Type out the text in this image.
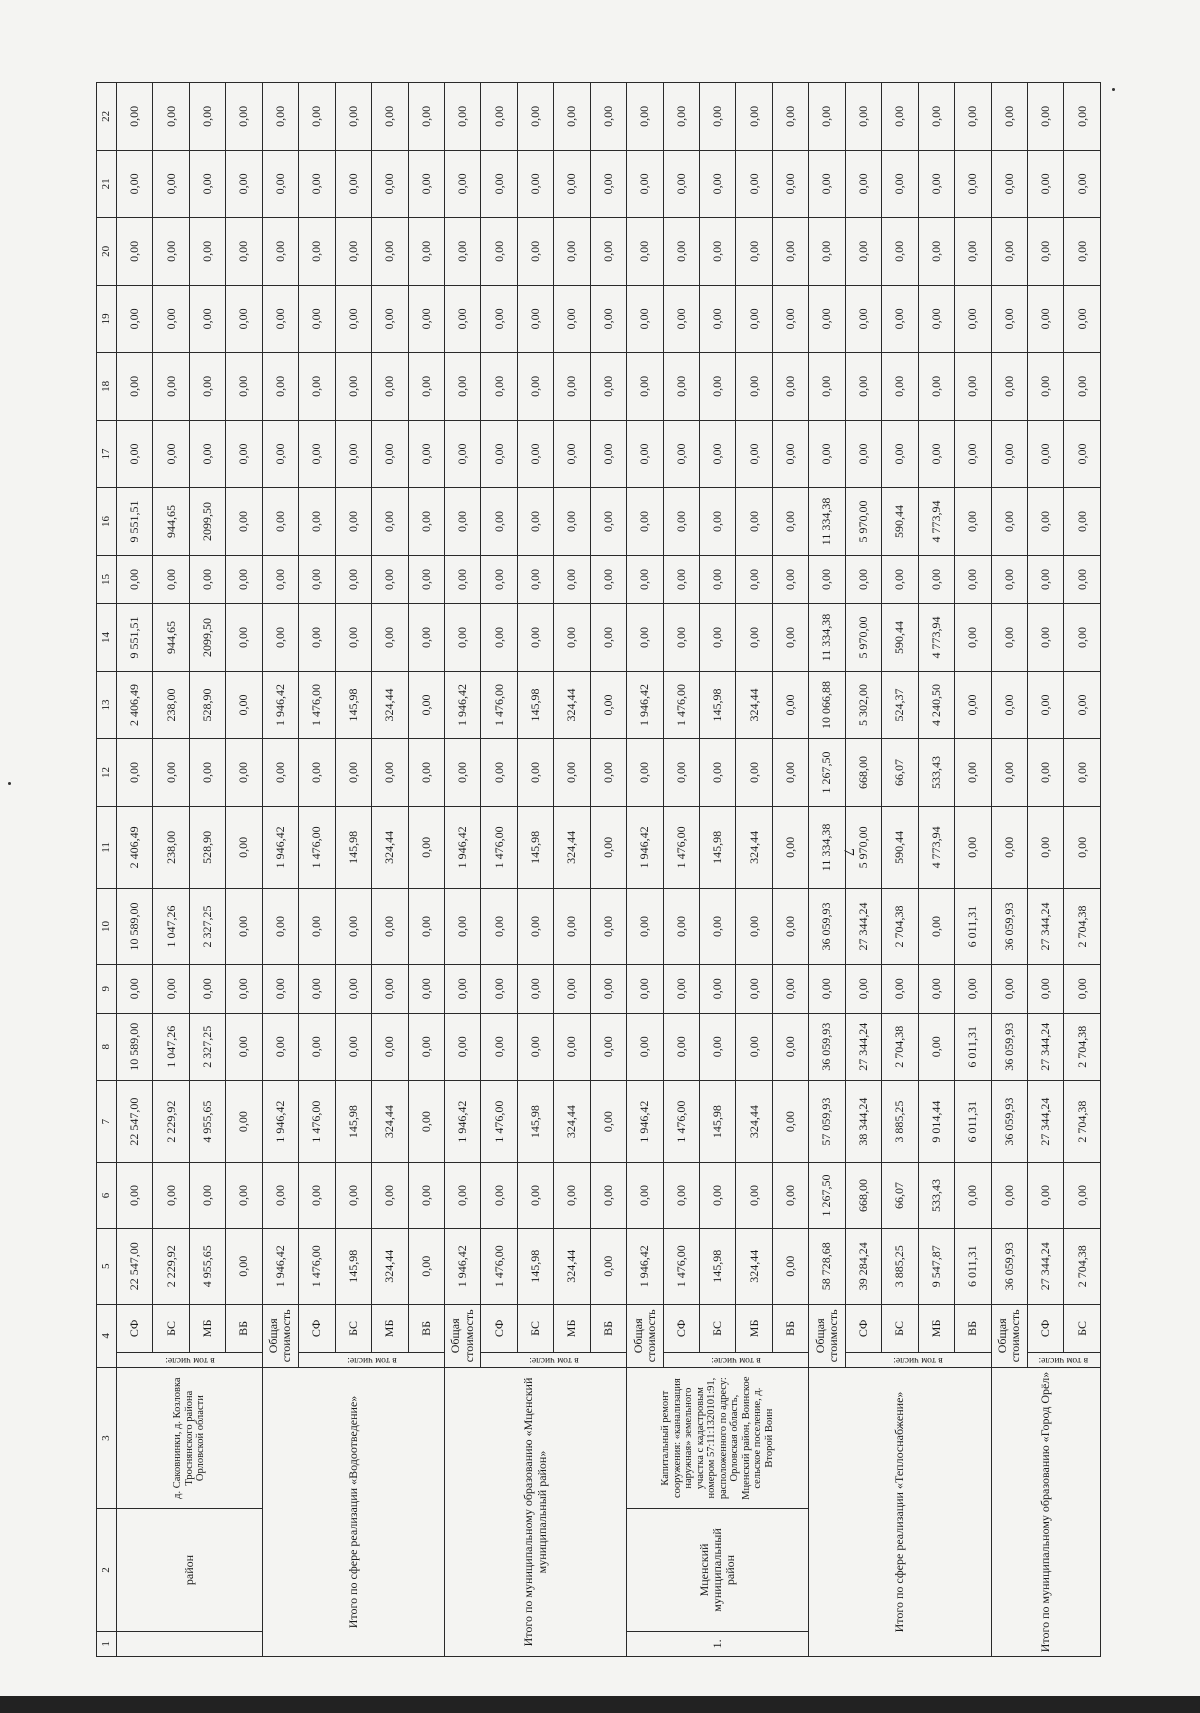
7
1	2	3	4		5	6	7	8	9	10	11	12	13	14	15	16	17	18	19	20	21	22
	район	д. Саковнинки, д. Козловка Троснянского района Орловской области	в том числе:	СФ	22 547,00	0,00	22 547,00	10 589,00	0,00	10 589,00	2 406,49	0,00	2 406,49	9 551,51	0,00	9 551,51	0,00	0,00	0,00	0,00	0,00	0,00
				БС	2 229,92	0,00	2 229,92	1 047,26	0,00	1 047,26	238,00	0,00	238,00	944,65	0,00	944,65	0,00	0,00	0,00	0,00	0,00	0,00
				МБ	4 955,65	0,00	4 955,65	2 327,25	0,00	2 327,25	528,90	0,00	528,90	2099,50	0,00	2099,50	0,00	0,00	0,00	0,00	0,00	0,00
				ВБ	0,00	0,00	0,00	0,00	0,00	0,00	0,00	0,00	0,00	0,00	0,00	0,00	0,00	0,00	0,00	0,00	0,00	0,00
Итого по сфере реализации «Водоотведение»			Общая стоимость		1 946,42	0,00	1 946,42	0,00	0,00	0,00	1 946,42	0,00	1 946,42	0,00	0,00	0,00	0,00	0,00	0,00	0,00	0,00	0,00
			в том числе:	СФ	1 476,00	0,00	1 476,00	0,00	0,00	0,00	1 476,00	0,00	1 476,00	0,00	0,00	0,00	0,00	0,00	0,00	0,00	0,00	0,00
				БС	145,98	0,00	145,98	0,00	0,00	0,00	145,98	0,00	145,98	0,00	0,00	0,00	0,00	0,00	0,00	0,00	0,00	0,00
				МБ	324,44	0,00	324,44	0,00	0,00	0,00	324,44	0,00	324,44	0,00	0,00	0,00	0,00	0,00	0,00	0,00	0,00	0,00
				ВБ	0,00	0,00	0,00	0,00	0,00	0,00	0,00	0,00	0,00	0,00	0,00	0,00	0,00	0,00	0,00	0,00	0,00	0,00
Итого по муниципальному образованию «Мценский муниципальный район»			Общая стоимость		1 946,42	0,00	1 946,42	0,00	0,00	0,00	1 946,42	0,00	1 946,42	0,00	0,00	0,00	0,00	0,00	0,00	0,00	0,00	0,00
			в том числе:	СФ	1 476,00	0,00	1 476,00	0,00	0,00	0,00	1 476,00	0,00	1 476,00	0,00	0,00	0,00	0,00	0,00	0,00	0,00	0,00	0,00
				БС	145,98	0,00	145,98	0,00	0,00	0,00	145,98	0,00	145,98	0,00	0,00	0,00	0,00	0,00	0,00	0,00	0,00	0,00
				МБ	324,44	0,00	324,44	0,00	0,00	0,00	324,44	0,00	324,44	0,00	0,00	0,00	0,00	0,00	0,00	0,00	0,00	0,00
				ВБ	0,00	0,00	0,00	0,00	0,00	0,00	0,00	0,00	0,00	0,00	0,00	0,00	0,00	0,00	0,00	0,00	0,00	0,00
1.	Мценский муниципальный район	Капитальный ремонт сооружения: «канализация наружная» земельного участка с кадастровым номером 57:11:1320101:91, расположенного по адресу: Орловская область, Мценский район, Воинское сельское поселение, д. Второй Воин	Общая стоимость		1 946,42	0,00	1 946,42	0,00	0,00	0,00	1 946,42	0,00	1 946,42	0,00	0,00	0,00	0,00	0,00	0,00	0,00	0,00	0,00
			в том числе:	СФ	1 476,00	0,00	1 476,00	0,00	0,00	0,00	1 476,00	0,00	1 476,00	0,00	0,00	0,00	0,00	0,00	0,00	0,00	0,00	0,00
				БС	145,98	0,00	145,98	0,00	0,00	0,00	145,98	0,00	145,98	0,00	0,00	0,00	0,00	0,00	0,00	0,00	0,00	0,00
				МБ	324,44	0,00	324,44	0,00	0,00	0,00	324,44	0,00	324,44	0,00	0,00	0,00	0,00	0,00	0,00	0,00	0,00	0,00
				ВБ	0,00	0,00	0,00	0,00	0,00	0,00	0,00	0,00	0,00	0,00	0,00	0,00	0,00	0,00	0,00	0,00	0,00	0,00
Итого по сфере реализации «Теплоснабжение»			Общая стоимость		58 728,68	1 267,50	57 059,93	36 059,93	0,00	36 059,93	11 334,38	1 267,50	10 066,88	11 334,38	0,00	11 334,38	0,00	0,00	0,00	0,00	0,00	0,00
			в том числе:	СФ	39 284,24	668,00	38 344,24	27 344,24	0,00	27 344,24	5 970,00	668,00	5 302,00	5 970,00	0,00	5 970,00	0,00	0,00	0,00	0,00	0,00	0,00
				БС	3 885,25	66,07	3 885,25	2 704,38	0,00	2 704,38	590,44	66,07	524,37	590,44	0,00	590,44	0,00	0,00	0,00	0,00	0,00	0,00
				МБ	9 547,87	533,43	9 014,44	0,00	0,00	0,00	4 773,94	533,43	4 240,50	4 773,94	0,00	4 773,94	0,00	0,00	0,00	0,00	0,00	0,00
				ВБ	6 011,31	0,00	6 011,31	6 011,31	0,00	6 011,31	0,00	0,00	0,00	0,00	0,00	0,00	0,00	0,00	0,00	0,00	0,00	0,00
Итого по муниципальному образованию «Город Орёл»			Общая стоимость		36 059,93	0,00	36 059,93	36 059,93	0,00	36 059,93	0,00	0,00	0,00	0,00	0,00	0,00	0,00	0,00	0,00	0,00	0,00	0,00
			в том числе:	СФ	27 344,24	0,00	27 344,24	27 344,24	0,00	27 344,24	0,00	0,00	0,00	0,00	0,00	0,00	0,00	0,00	0,00	0,00	0,00	0,00
				БС	2 704,38	0,00	2 704,38	2 704,38	0,00	2 704,38	0,00	0,00	0,00	0,00	0,00	0,00	0,00	0,00	0,00	0,00	0,00	0,00
